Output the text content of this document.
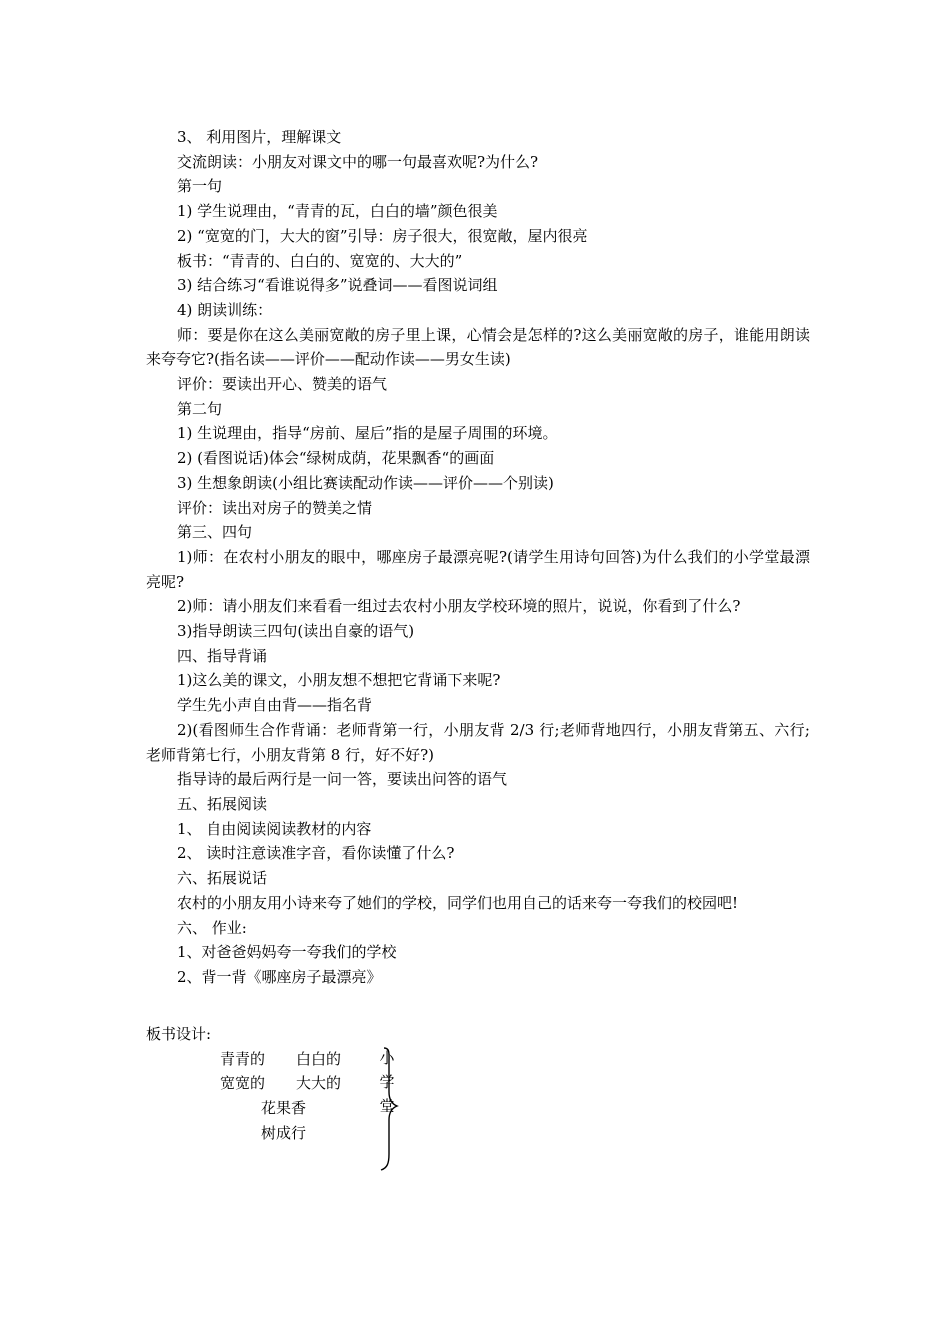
3、 利用图片，理解课文
交流朗读：小朋友对课文中的哪一句最喜欢呢?为什么?
第一句
1) 学生说理由，“青青的瓦，白白的墙”颜色很美
2) “宽宽的门，大大的窗”引导：房子很大，很宽敞，屋内很亮
板书：“青青的、白白的、宽宽的、大大的”
3) 结合练习“看谁说得多”说叠词——看图说词组
4) 朗读训练：
师：要是你在这么美丽宽敞的房子里上课，心情会是怎样的?这么美丽宽敞的房子，谁能用朗读来夸夸它?(指名读——评价——配动作读——男女生读)
评价：要读出开心、赞美的语气
第二句
1) 生说理由，指导“房前、屋后”指的是屋子周围的环境。
2) (看图说话)体会“绿树成荫，花果飘香“的画面
3) 生想象朗读(小组比赛读配动作读——评价——个别读)
评价：读出对房子的赞美之情
第三、四句
1)师：在农村小朋友的眼中，哪座房子最漂亮呢?(请学生用诗句回答)为什么我们的小学堂最漂亮呢?
2)师：请小朋友们来看看一组过去农村小朋友学校环境的照片，说说，你看到了什么?
3)指导朗读三四句(读出自豪的语气)
四、指导背诵
1)这么美的课文，小朋友想不想把它背诵下来呢?
学生先小声自由背——指名背
2)(看图师生合作背诵：老师背第一行，小朋友背 2/3 行;老师背地四行，小朋友背第五、六行;老师背第七行，小朋友背第 8 行，好不好?)
指导诗的最后两行是一问一答，要读出问答的语气
五、拓展阅读
1、 自由阅读阅读教材的内容
2、 读时注意读准字音，看你读懂了什么?
六、拓展说话
农村的小朋友用小诗来夸了她们的学校，同学们也用自己的话来夸一夸我们的校园吧!
六、 作业:
1、对爸爸妈妈夸一夸我们的学校
2、背一背《哪座房子最漂亮》
板书设计:
青青的 白白的
宽宽的 大大的
花果香
树成行
小
学
堂
